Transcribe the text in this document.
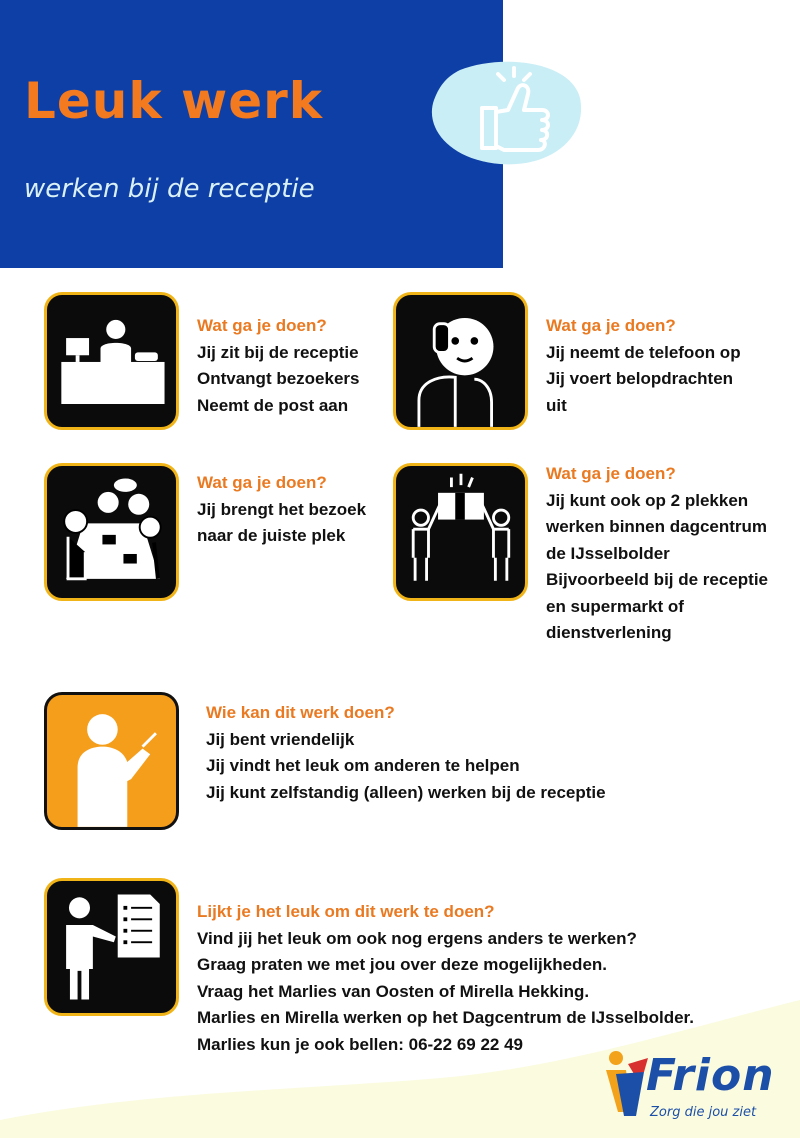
Leuk werk
werken bij de receptie
Wat ga je doen?
Jij zit bij de receptie
Ontvangt bezoekers
Neemt de post aan
Wat ga je doen?
Jij neemt de telefoon op
Jij voert belopdrachten
uit
Wat ga je doen?
Jij brengt het bezoek
naar de juiste plek
Wat ga je doen?
Jij kunt ook op 2 plekken
werken binnen dagcentrum
de IJsselbolder
Bijvoorbeeld bij de receptie
en supermarkt of
dienstverlening
Wie kan dit werk doen?
Jij bent vriendelijk
Jij vindt het leuk om anderen te helpen
Jij kunt zelfstandig (alleen) werken bij de receptie
Lijkt je het leuk om dit werk te doen?
Vind jij het leuk om ook nog ergens anders te werken?
Graag praten we met jou over deze mogelijkheden.
Vraag het Marlies van Oosten of Mirella Hekking.
Marlies en Mirella werken op het Dagcentrum de IJsselbolder.
Marlies kun je ook bellen: 06-22 69 22 49
Frion
Zorg die jou ziet
